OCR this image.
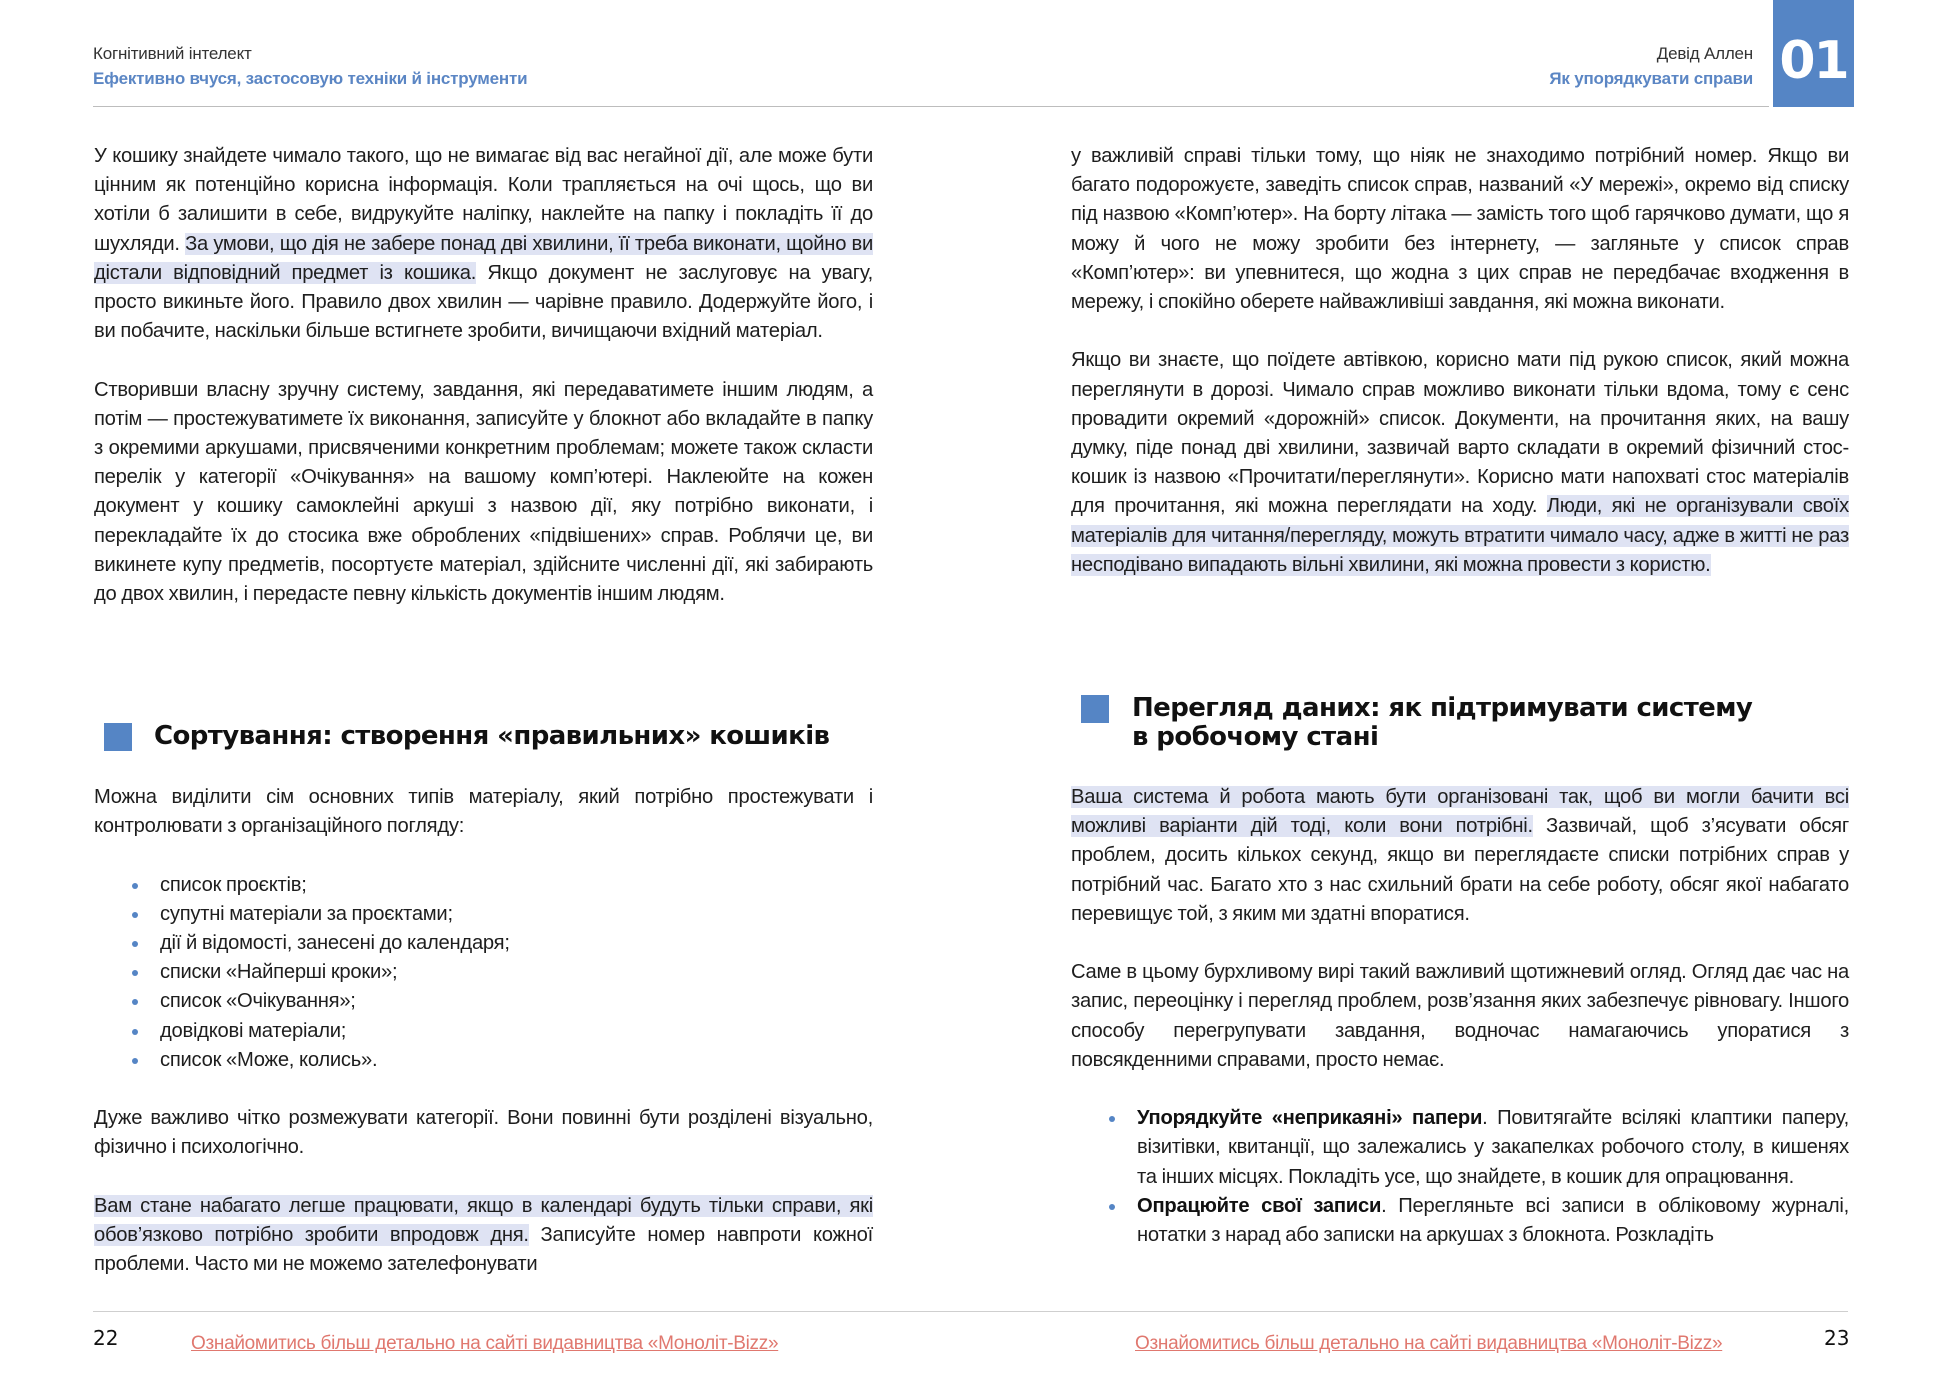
Когнітивний інтелект
Ефективно вчуся, застосовую техніки й інструменти

У кошику знайдете чимало такого, що не вимагає від вас негайної дії, але може бути цінним як потенційно корисна інформація. Коли трапляється на очі щось, що ви хотіли б залишити в себе, видрукуйте наліпку, наклейте на папку і покладіть її до шухляди. За умови, що дія не забере понад дві хвилини, її треба виконати, щойно ви дістали відповідний предмет із кошика. Якщо документ не заслуговує на увагу, просто викиньте його. Правило двох хвилин — чарівне правило. Додержуйте його, і ви побачите, наскільки більше встигнете зробити, вичищаючи вхідний матеріал.

Створивши власну зручну систему, завдання, які передаватимете іншим людям, а потім — простежуватимете їх виконання, записуйте у блокнот або вкладайте в папку з окремими аркушами, присвяченими конкретним проблемам; можете також скласти перелік у категорії «Очікування» на вашому комп’ютері. Наклеюйте на кожен документ у кошику самоклейні аркуші з назвою дії, яку потрібно виконати, і перекладайте їх до стосика вже оброблених «підвішених» справ. Роблячи це, ви викинете купу предметів, посортуєте матеріал, здійсните численні дії, які забирають до двох хвилин, і передасте певну кількість документів іншим людям.

Сортування: створення «правильних» кошиків

Можна виділити сім основних типів матеріалу, який потрібно простежувати і контролювати з організаційного погляду:

список проєктів;
супутні матеріали за проєктами;
дії й відомості, занесені до календаря;
списки «Найперші кроки»;
список «Очікування»;
довідкові матеріали;
список «Може, колись».

Дуже важливо чітко розмежувати категорії. Вони повинні бути розділені візуально, фізично і психологічно.

Вам стане набагато легше працювати, якщо в календарі будуть тільки справи, які обов’язково потрібно зробити впродовж дня. Записуйте номер навпроти кожної проблеми. Часто ми не можемо зателефонувати

22	Ознайомитись більш детально на сайті видавництва «Моноліт-Bizz»
Девід Аллен
Як упорядкувати справи 01

у важливій справі тільки тому, що ніяк не знаходимо потрібний номер. Якщо ви багато подорожуєте, заведіть список справ, названий «У мережі», окремо від списку під назвою «Комп’ютер». На борту літака — замість того щоб гарячково думати, що я можу й чого не можу зробити без інтернету, — загляньте у список справ «Комп’ютер»: ви упевнитеся, що жодна з цих справ не передбачає входження в мережу, і спокійно оберете найважливіші завдання, які можна виконати.

Якщо ви знаєте, що поїдете автівкою, корисно мати під рукою список, який можна переглянути в дорозі. Чимало справ можливо виконати тільки вдома, тому є сенс провадити окремий «дорожній» список. Документи, на прочитання яких, на вашу думку, піде понад дві хвилини, зазвичай варто складати в окремий фізичний стос-кошик із назвою «Прочитати/переглянути». Корисно мати напохваті стос матеріалів для прочитання, які можна переглядати на ходу. Люди, які не організували своїх матеріалів для читання/перегляду, можуть втратити чимало часу, адже в житті не раз несподівано випадають вільні хвилини, які можна провести з користю.

Перегляд даних: як підтримувати систему
в робочому стані

Ваша система й робота мають бути організовані так, щоб ви могли бачити всі можливі варіанти дій тоді, коли вони потрібні. Зазвичай, щоб з’ясувати обсяг проблем, досить кількох секунд, якщо ви переглядаєте списки потрібних справ у потрібний час. Багато хто з нас схильний брати на себе роботу, обсяг якої набагато перевищує той, з яким ми здатні впоратися.

Саме в цьому бурхливому вирі такий важливий щотижневий огляд. Огляд дає час на запис, переоцінку і перегляд проблем, розв’язання яких забезпечує рівновагу. Іншого способу перегрупувати завдання, водночас намагаючись упоратися з повсякденними справами, просто немає.

Упорядкуйте «неприкаяні» папери. Повитягайте всілякі клаптики паперу, візитівки, квитанції, що залежались у закапелках робочого столу, в кишенях та інших місцях. Покладіть усе, що знайдете, в кошик для опрацювання.
Опрацюйте свої записи. Перегляньте всі записи в обліковому журналі, нотатки з нарад або записки на аркушах з блокнота. Розкладіть
23
Ознайомитись більш детально на сайті видавництва «Моноліт-Bizz»
